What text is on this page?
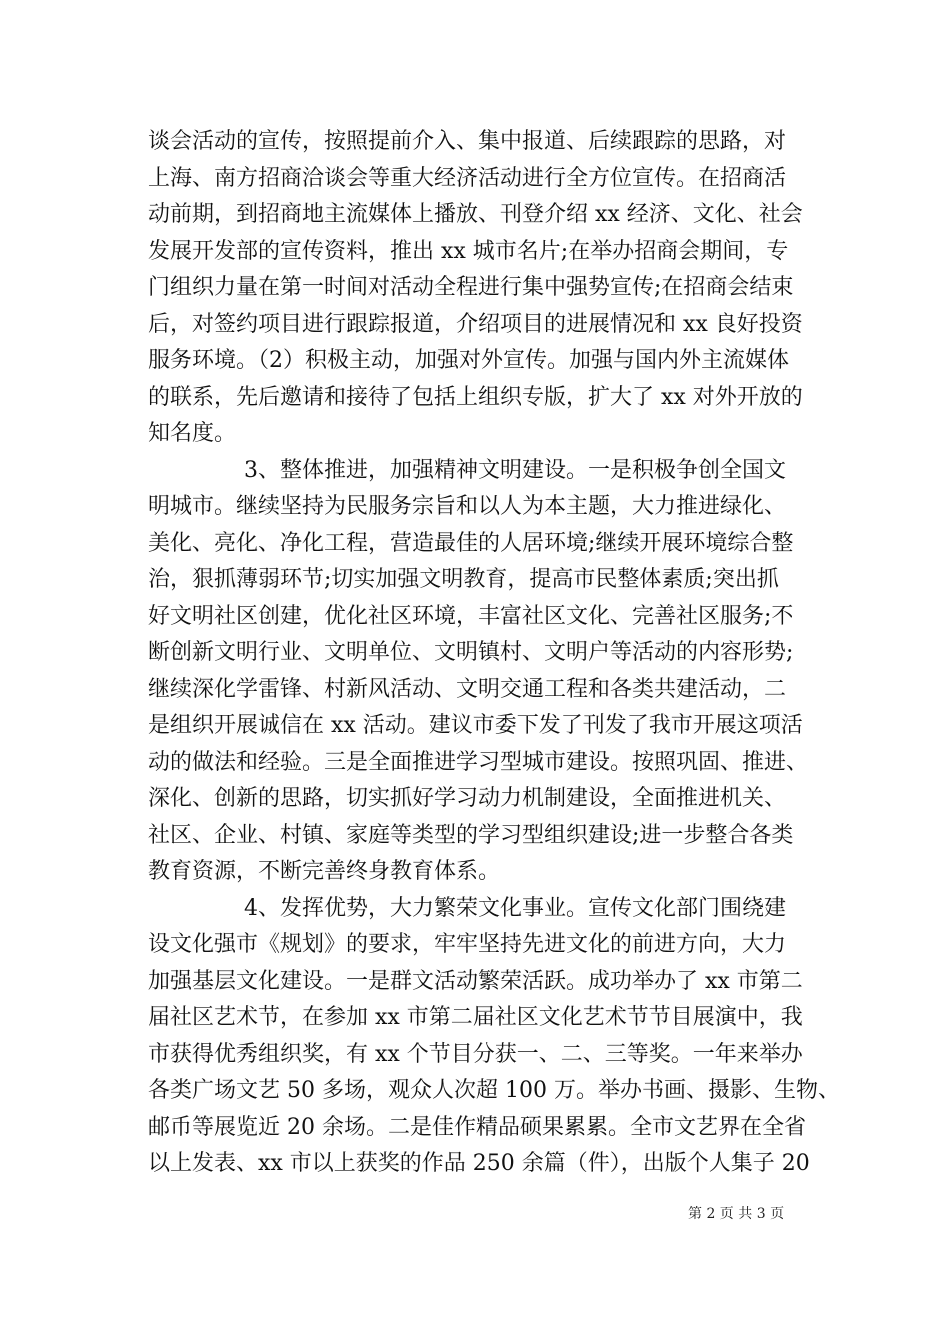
谈会活动的宣传，按照提前介入、集中报道、后续跟踪的思路，对
上海、南方招商洽谈会等重大经济活动进行全方位宣传。在招商活
动前期，到招商地主流媒体上播放、刊登介绍 xx 经济、文化、社会
发展开发部的宣传资料，推出 xx 城市名片;在举办招商会期间，专
门组织力量在第一时间对活动全程进行集中强势宣传;在招商会结束
后，对签约项目进行跟踪报道，介绍项目的进展情况和 xx 良好投资
服务环境。（2）积极主动，加强对外宣传。加强与国内外主流媒体
的联系，先后邀请和接待了包括上组织专版，扩大了 xx 对外开放的
知名度。
3、整体推进，加强精神文明建设。一是积极争创全国文
明城市。继续坚持为民服务宗旨和以人为本主题，大力推进绿化、
美化、亮化、净化工程，营造最佳的人居环境;继续开展环境综合整
治，狠抓薄弱环节;切实加强文明教育，提高市民整体素质;突出抓
好文明社区创建，优化社区环境，丰富社区文化、完善社区服务;不
断创新文明行业、文明单位、文明镇村、文明户等活动的内容形势;
继续深化学雷锋、村新风活动、文明交通工程和各类共建活动，二
是组织开展诚信在 xx 活动。建议市委下发了刊发了我市开展这项活
动的做法和经验。三是全面推进学习型城市建设。按照巩固、推进、
深化、创新的思路，切实抓好学习动力机制建设，全面推进机关、
社区、企业、村镇、家庭等类型的学习型组织建设;进一步整合各类
教育资源，不断完善终身教育体系。
4、发挥优势，大力繁荣文化事业。宣传文化部门围绕建
设文化强市《规划》的要求，牢牢坚持先进文化的前进方向，大力
加强基层文化建设。一是群文活动繁荣活跃。成功举办了 xx 市第二
届社区艺术节，在参加 xx 市第二届社区文化艺术节节目展演中，我
市获得优秀组织奖，有 xx 个节目分获一、二、三等奖。一年来举办
各类广场文艺 50 多场，观众人次超 100 万。举办书画、摄影、生物、
邮币等展览近 20 余场。二是佳作精品硕果累累。全市文艺界在全省
以上发表、xx 市以上获奖的作品 250 余篇（件），出版个人集子 20
第 2 页 共 3 页
